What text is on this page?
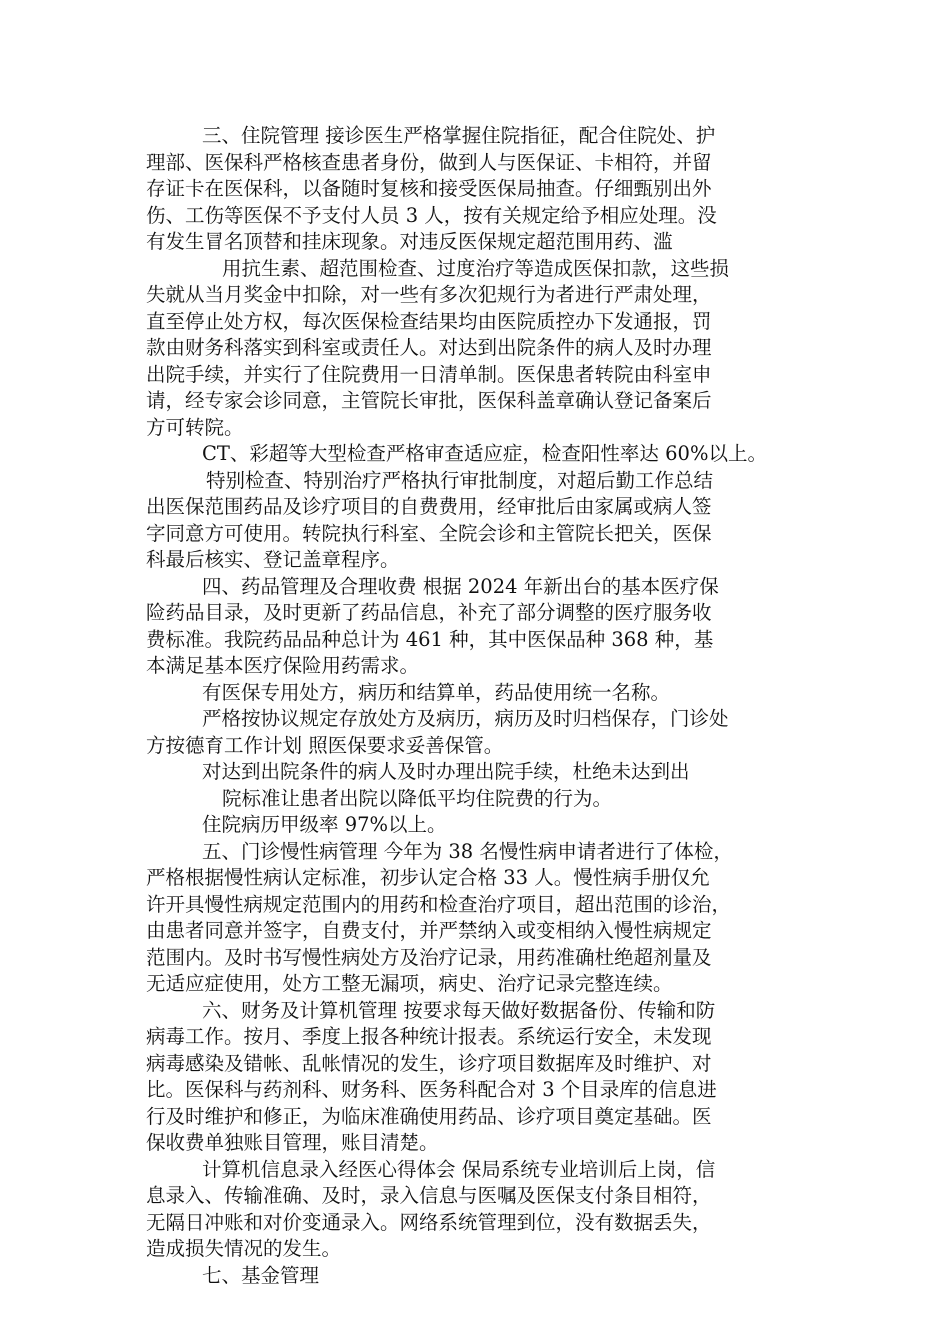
三、住院管理 接诊医生严格掌握住院指征，配合住院处、护
理部、医保科严格核查患者身份，做到人与医保证、卡相符，并留
存证卡在医保科，以备随时复核和接受医保局抽查。仔细甄别出外
伤、工伤等医保不予支付人员 3 人，按有关规定给予相应处理。没
有发生冒名顶替和挂床现象。对违反医保规定超范围用药、滥
用抗生素、超范围检查、过度治疗等造成医保扣款，这些损
失就从当月奖金中扣除，对一些有多次犯规行为者进行严肃处理，
直至停止处方权，每次医保检查结果均由医院质控办下发通报，罚
款由财务科落实到科室或责任人。对达到出院条件的病人及时办理
出院手续，并实行了住院费用一日清单制。医保患者转院由科室申
请，经专家会诊同意，主管院长审批，医保科盖章确认登记备案后
方可转院。
CT、彩超等大型检查严格审查适应症，检查阳性率达 60%以上。
特别检查、特别治疗严格执行审批制度，对超后勤工作总结
出医保范围药品及诊疗项目的自费费用，经审批后由家属或病人签
字同意方可使用。转院执行科室、全院会诊和主管院长把关，医保
科最后核实、登记盖章程序。
四、药品管理及合理收费 根据 2024 年新出台的基本医疗保
险药品目录，及时更新了药品信息，补充了部分调整的医疗服务收
费标准。我院药品品种总计为 461 种，其中医保品种 368 种，基
本满足基本医疗保险用药需求。
有医保专用处方，病历和结算单，药品使用统一名称。
严格按协议规定存放处方及病历，病历及时归档保存，门诊处
方按德育工作计划 照医保要求妥善保管。
对达到出院条件的病人及时办理出院手续，杜绝未达到出
院标准让患者出院以降低平均住院费的行为。
住院病历甲级率 97%以上。
五、门诊慢性病管理 今年为 38 名慢性病申请者进行了体检，
严格根据慢性病认定标准，初步认定合格 33 人。慢性病手册仅允
许开具慢性病规定范围内的用药和检查治疗项目，超出范围的诊治，
由患者同意并签字，自费支付，并严禁纳入或变相纳入慢性病规定
范围内。及时书写慢性病处方及治疗记录，用药准确杜绝超剂量及
无适应症使用，处方工整无漏项，病史、治疗记录完整连续。
六、财务及计算机管理 按要求每天做好数据备份、传输和防
病毒工作。按月、季度上报各种统计报表。系统运行安全，未发现
病毒感染及错帐、乱帐情况的发生，诊疗项目数据库及时维护、对
比。医保科与药剂科、财务科、医务科配合对 3 个目录库的信息进
行及时维护和修正，为临床准确使用药品、诊疗项目奠定基础。医
保收费单独账目管理，账目清楚。
计算机信息录入经医心得体会 保局系统专业培训后上岗，信
息录入、传输准确、及时，录入信息与医嘱及医保支付条目相符，
无隔日冲账和对价变通录入。网络系统管理到位，没有数据丢失，
造成损失情况的发生。
七、基金管理
